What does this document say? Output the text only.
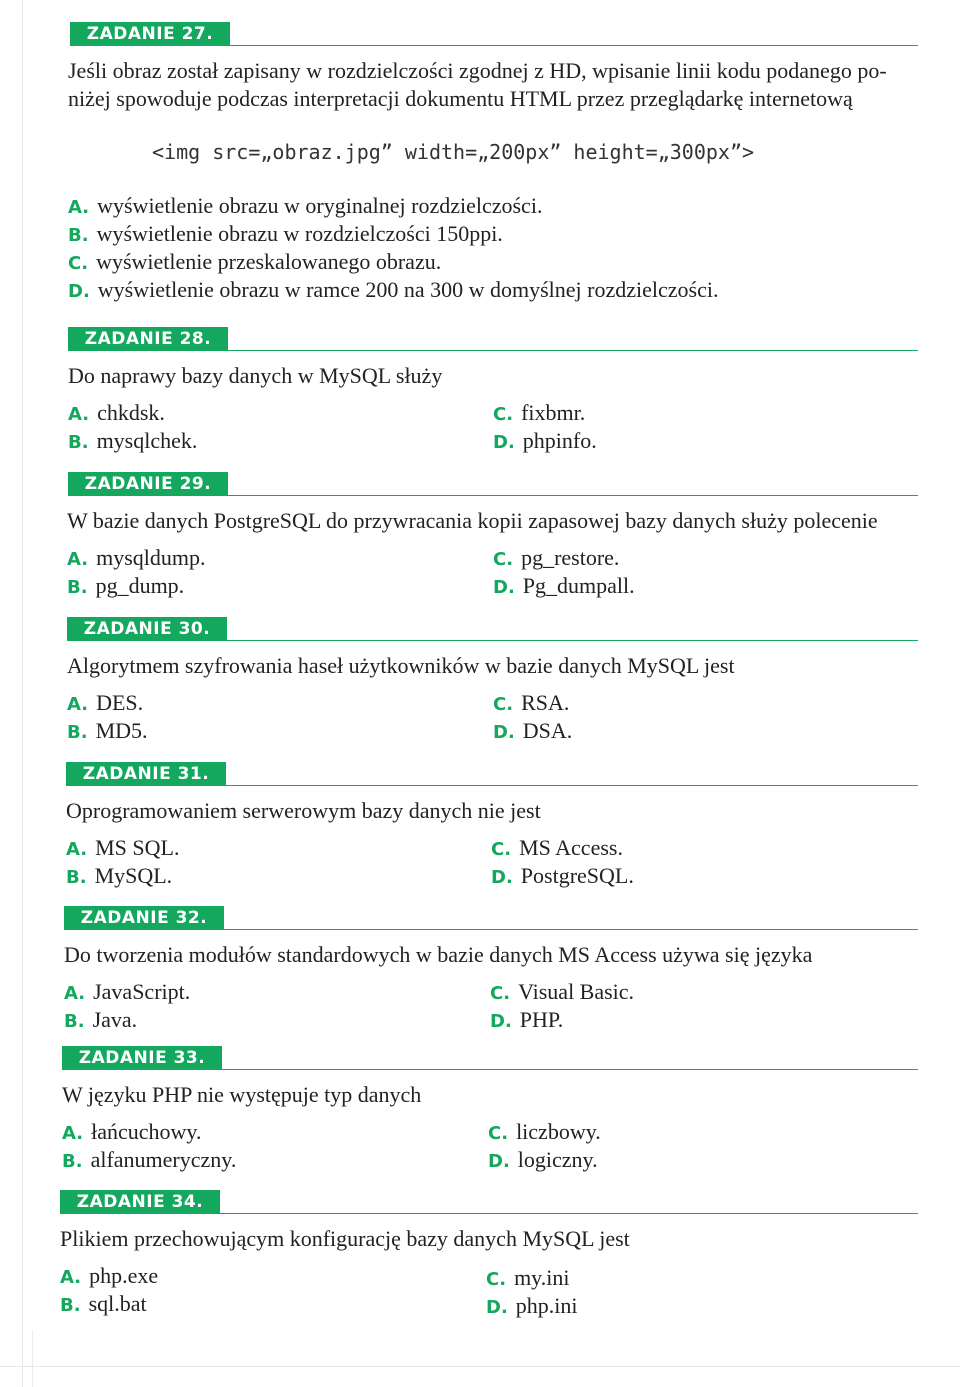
ZADANIE 27.
Jeśli obraz został zapisany w rozdzielczości zgodnej z HD, wpisanie linii kodu podanego po-
niżej spowoduje podczas interpretacji dokumentu HTML przez przeglądarkę internetową
<img src=„obraz.jpg” width=„200px” height=„300px”>
A. wyświetlenie obrazu w oryginalnej rozdzielczości.
B. wyświetlenie obrazu w rozdzielczości 150ppi.
C. wyświetlenie przeskalowanego obrazu.
D. wyświetlenie obrazu w ramce 200 na 300 w domyślnej rozdzielczości.
ZADANIE 28.
Do naprawy bazy danych w MySQL służy
A. chkdsk.
B. mysqlchek.
C. fixbmr.
D. phpinfo.
ZADANIE 29.
W bazie danych PostgreSQL do przywracania kopii zapasowej bazy danych służy polecenie
A. mysqldump.
B. pg_dump.
C. pg_restore.
D. Pg_dumpall.
ZADANIE 30.
Algorytmem szyfrowania haseł użytkowników w bazie danych MySQL jest
A. DES.
B. MD5.
C. RSA.
D. DSA.
ZADANIE 31.
Oprogramowaniem serwerowym bazy danych nie jest
A. MS SQL.
B. MySQL.
C. MS Access.
D. PostgreSQL.
ZADANIE 32.
Do tworzenia modułów standardowych w bazie danych MS Access używa się języka
A. JavaScript.
B. Java.
C. Visual Basic.
D. PHP.
ZADANIE 33.
W języku PHP nie występuje typ danych
A. łańcuchowy.
B. alfanumeryczny.
C. liczbowy.
D. logiczny.
ZADANIE 34.
Plikiem przechowującym konfigurację bazy danych MySQL jest
A. php.exe
B. sql.bat
C. my.ini
D. php.ini
